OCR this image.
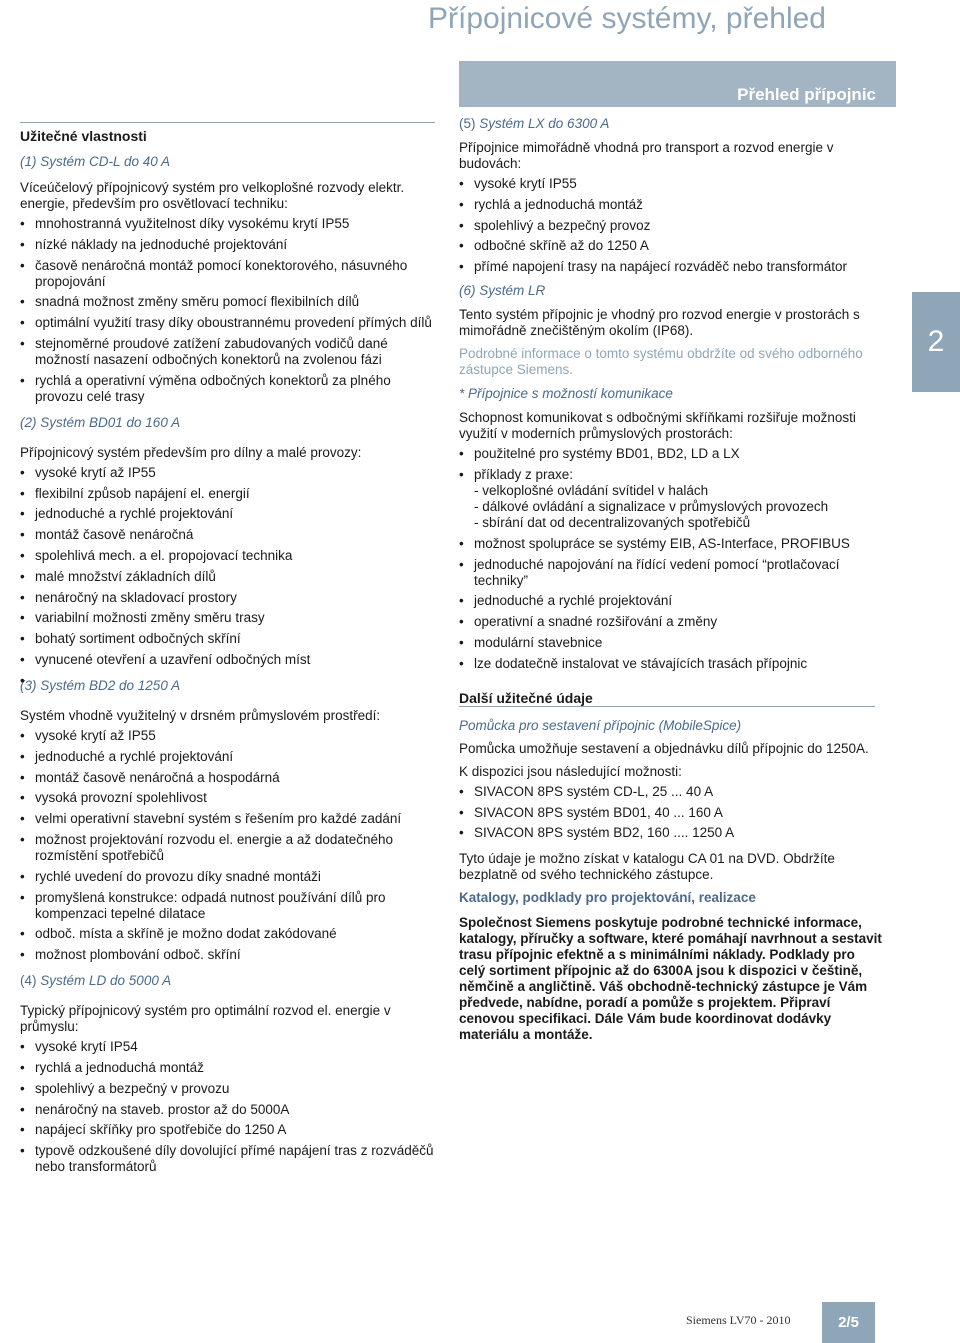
Přípojnicové systémy, přehled
Přehled přípojnic
2
Užitečné vlastnosti
(1) Systém CD-L do 40 A
Víceúčelový přípojnicový systém pro velkoplošné rozvody elektr. energie, především pro osvětlovací techniku:
• mnohostranná využitelnost díky vysokému krytí IP55
• nízké náklady na jednoduché projektování
• časově nenáročná montáž pomocí konektorového, násuvného propojování
• snadná možnost změny směru pomocí flexibilních dílů
• optimální využití trasy díky oboustrannému provedení přímých dílů
• stejnoměrné proudové zatížení zabudovaných vodičů dané možností nasazení odbočných konektorů na zvolenou fázi
• rychlá a operativní výměna odbočných konektorů za plného provozu celé trasy
(2) Systém BD01 do 160 A
Přípojnicový systém především pro dílny a malé provozy:
• vysoké krytí až IP55
• flexibilní způsob napájení el. energií
• jednoduché a rychlé projektování
• montáž časově nenáročná
• spolehlivá mech. a el. propojovací technika
• malé množství základních dílů
• nenáročný na skladovací prostory
• variabilní možnosti změny směru trasy
• bohatý sortiment odbočných skříní
• vynucené otevření a uzavření odbočných míst
(3) Systém BD2 do 1250 A
Systém vhodně využitelný v drsném průmyslovém prostředí:
• vysoké krytí až IP55
• jednoduché a rychlé projektování
• montáž časově nenáročná a hospodárná
• vysoká provozní spolehlivost
• velmi operativní stavební systém s řešením pro každé zadání
• možnost projektování rozvodu el. energie a až dodatečného rozmístění spotřebičů
• rychlé uvedení do provozu díky snadné montáži
• promyšlená konstrukce: odpadá nutnost používání dílů pro kompenzaci tepelné dilatace
• odboč. místa a skříně je možno dodat zakódované
• možnost plombování odboč. skříní
(4) Systém LD do 5000 A
Typický přípojnicový systém pro optimální rozvod el. energie v průmyslu:
• vysoké krytí IP54
• rychlá a jednoduchá montáž
• spolehlivý a bezpečný v provozu
• nenáročný na staveb. prostor až do 5000A
• napájecí skříňky pro spotřebiče do 1250 A
• typově odzkoušené díly dovolující přímé napájení tras z rozváděčů nebo transformátorů
(5) Systém LX do 6300 A
Přípojnice mimořádně vhodná pro transport a rozvod energie v budovách:
• vysoké krytí IP55
• rychlá a jednoduchá montáž
• spolehlivý a bezpečný provoz
• odbočné skříně až do 1250 A
• přímé napojení trasy na napájecí rozváděč nebo transformátor
(6) Systém LR
Tento systém přípojnic je vhodný pro rozvod energie v prostorách s mimořádně znečištěným okolím (IP68).
Podrobné informace o tomto systému obdržíte od svého odborného zástupce Siemens.
* Přípojnice s možností komunikace
Schopnost komunikovat s odbočnými skříňkami rozšiřuje možnosti využití v moderních průmyslových prostorách:
• použitelné pro systémy BD01, BD2, LD a LX
• příklady z praxe:
- velkoplošné ovládání svítidel v halách
- dálkové ovládání a signalizace v průmyslových provozech
- sbírání dat od decentralizovaných spotřebičů
• možnost spolupráce se systémy EIB, AS-Interface, PROFIBUS
• jednoduché napojování na řídící vedení pomocí “protlačovací techniky”
• jednoduché a rychlé projektování
• operativní a snadné rozšiřování a změny
• modulární stavebnice
• lze dodatečně instalovat ve stávajících trasách přípojnic
Další užitečné údaje
Pomůcka pro sestavení přípojnic (MobileSpice)
Pomůcka umožňuje sestavení a objednávku dílů přípojnic do 1250A.
K dispozici jsou následující možnosti:
• SIVACON 8PS systém CD-L, 25 ... 40 A
• SIVACON 8PS systém BD01, 40 ... 160 A
• SIVACON 8PS systém BD2, 160 .... 1250 A
Tyto údaje je možno získat v katalogu CA 01 na DVD. Obdržíte bezplatně od svého technického zástupce.
Katalogy, podklady pro projektování, realizace
Společnost Siemens poskytuje podrobné technické informace, katalogy, příručky a software, které pomáhají navrhnout a sestavit trasu přípojnic efektně a s minimálními náklady. Podklady pro celý sortiment přípojnic až do 6300A jsou k dispozici v češtině, němčině a angličtině. Váš obchodně-technický zástupce je Vám předvede, nabídne, poradí a pomůže s projektem. Připraví cenovou specifikaci. Dále Vám bude koordinovat dodávky materiálu a montáže.
Siemens LV70 - 2010	2/5
